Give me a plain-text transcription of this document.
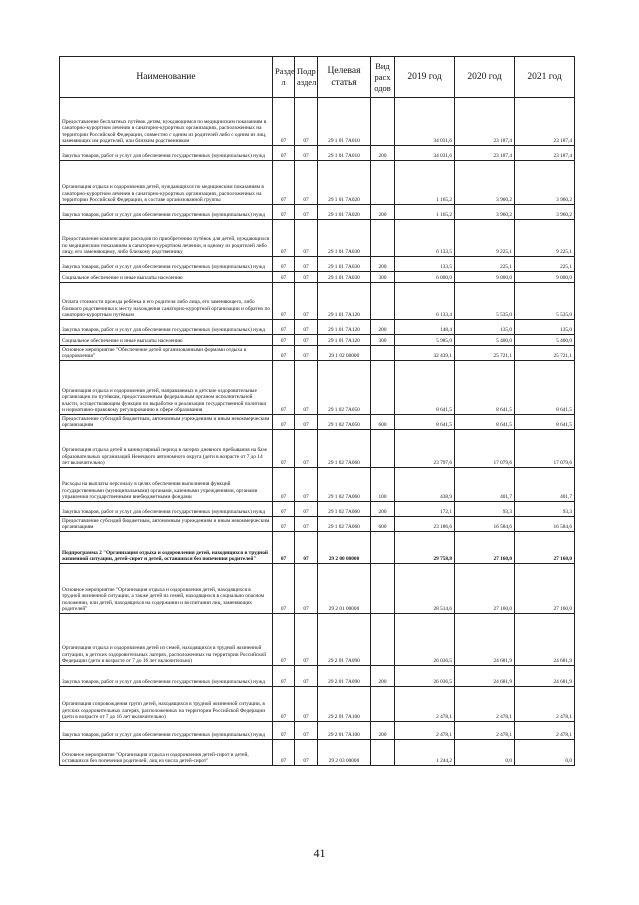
Наименование	Разде л	Подр аздел	Целевая статья	Вид расх одов	2019 год	2020 год	2021 год
Предоставление бесплатных путёвок детям, нуждающимся по медицинским показаниям в санаторно-курортном лечении в санаторно-курортных организациях, расположенных на территории Российской Федерации, совместно с одним из родителей либо с одним из лиц, заменяющих им родителей, или близким родственником	07	07	29 1 01 7А010		34 031,6	23 187,4	23 187,4
Закупка товаров, работ и услуг для обеспечения государственных (муниципальных) нужд	07	07	29 1 01 7А010	200	34 031,6	23 187,4	23 187,4
Организация отдыха и оздоровления детей, нуждающихся по медицинским показаниям в санаторно-курортном лечении в санаторно-курортных организациях, расположенных на территории Российской Федерации, в составе организованной группы	07	07	29 1 01 7А020		1 165,2	3 960,2	3 960,2
Закупка товаров, работ и услуг для обеспечения государственных (муниципальных) нужд	07	07	29 1 01 7А020	200	1 165,2	3 960,2	3 960,2
Предоставление компенсации расходов по приобретению путёвок для детей, нуждающихся по медицинским показаниям в санаторно-курортном лечении, и одному из родителей либо лицу, его заменяющему, либо близкому родственнику	07	07	29 1 01 7А030		6 133,5	9 225,1	9 225,1
Закупка товаров, работ и услуг для обеспечения государственных (муниципальных) нужд	07	07	29 1 01 7А030	200	133,5	225,1	225,1
Социальное обеспечение и иные выплаты населению	07	07	29 1 01 7А030	300	6 000,0	9 000,0	9 000,0
Оплата стоимости проезда ребёнка и его родителя либо лица, его заменяющего, либо близкого родственника к месту нахождения санаторно-курортной организации и обратно по санаторно-курортным путёвкам	07	07	29 1 01 7А120		6 133,4	5 535,0	5 535,0
Закупка товаров, работ и услуг для обеспечения государственных (муниципальных) нужд	07	07	29 1 01 7А120	200	148,4	135,0	135,0
Социальное обеспечение и иные выплаты населению	07	07	29 1 01 7А120	300	5 985,0	5 400,0	5 400,0
Основное мероприятие "Обеспечение детей организованными формами отдыха и оздоровления"	07	07	29 1 02 00000		32 439,1	25 721,1	25 721,1
Организация отдыха и оздоровления детей, направляемых в детские оздоровительные организации по путёвкам, предоставленным федеральным органом исполнительной власти, осуществляющим функции по выработке и реализации государственной политики и нормативно-правовому регулированию в сфере образования	07	07	29 1 02 7А050		8 641,5	8 641,5	8 641,5
Предоставление субсидий бюджетным, автономным учреждениям и иным некоммерческим организациям	07	07	29 1 02 7А050	600	8 641,5	8 641,5	8 641,5
Организация отдыха детей в каникулярный период в лагерях дневного пребывания на базе образовательных организаций Ненецкого автономного округа (дети в возрасте от 7 до 14 лет включительно)	07	07	29 1 02 7А060		23 797,6	17 079,6	17 079,6
Расходы на выплаты персоналу в целях обеспечения выполнения функций государственными (муниципальными) органами, казенными учреждениями, органами управления государственными внебюджетными фондами	07	07	29 1 02 7А060	100	438,9	401,7	401,7
Закупка товаров, работ и услуг для обеспечения государственных (муниципальных) нужд	07	07	29 1 02 7А060	200	172,1	93,3	93,3
Предоставление субсидий бюджетным, автономным учреждениям и иным некоммерческим организациям	07	07	29 1 02 7А060	600	23 186,6	16 584,6	16 584,6
Подпрограмма 2 "Организация отдыха и оздоровления детей, находящихся в трудной жизненной ситуации, детей-сирот и детей, оставшихся без попечения родителей"	07	07	29 2 00 00000		29 758,8	27 160,0	27 160,0
Основное мероприятие "Организация отдыха и оздоровления детей, находящихся в трудной жизненной ситуации, а также детей из семей, находящихся в социально опасном положении, или детей, находящихся на содержании и воспитании лиц, заменяющих родителей"	07	07	29 2 01 00000		28 514,6	27 160,0	27 160,0
Организация отдыха и оздоровления детей из семей, находящихся в трудной жизненной ситуации, в детских оздоровительных лагерях, расположенных на территории Российской Федерации (дети в возрасте от 7 до 16 лет включительно)	07	07	29 2 01 7А090		26 036,5	24 681,9	24 681,9
Закупка товаров, работ и услуг для обеспечения государственных (муниципальных) нужд	07	07	29 2 01 7А090	200	26 036,5	24 681,9	24 681,9
Организация сопровождения групп детей, находящихся в трудной жизненной ситуации, в детских оздоровительных лагерях, расположенных на территории Российской Федерации (дети в возрасте от 7 до 16 лет включительно)	07	07	29 2 01 7А100		2 478,1	2 478,1	2 478,1
Закупка товаров, работ и услуг для обеспечения государственных (муниципальных) нужд	07	07	29 2 01 7А100	200	2 478,1	2 478,1	2 478,1
Основное мероприятие "Организация отдыха и оздоровления детей-сирот и детей, оставшихся без попечения родителей, лиц из числа детей-сирот"	07	07	29 2 03 00000		1 244,2	0,0	0,0
41
